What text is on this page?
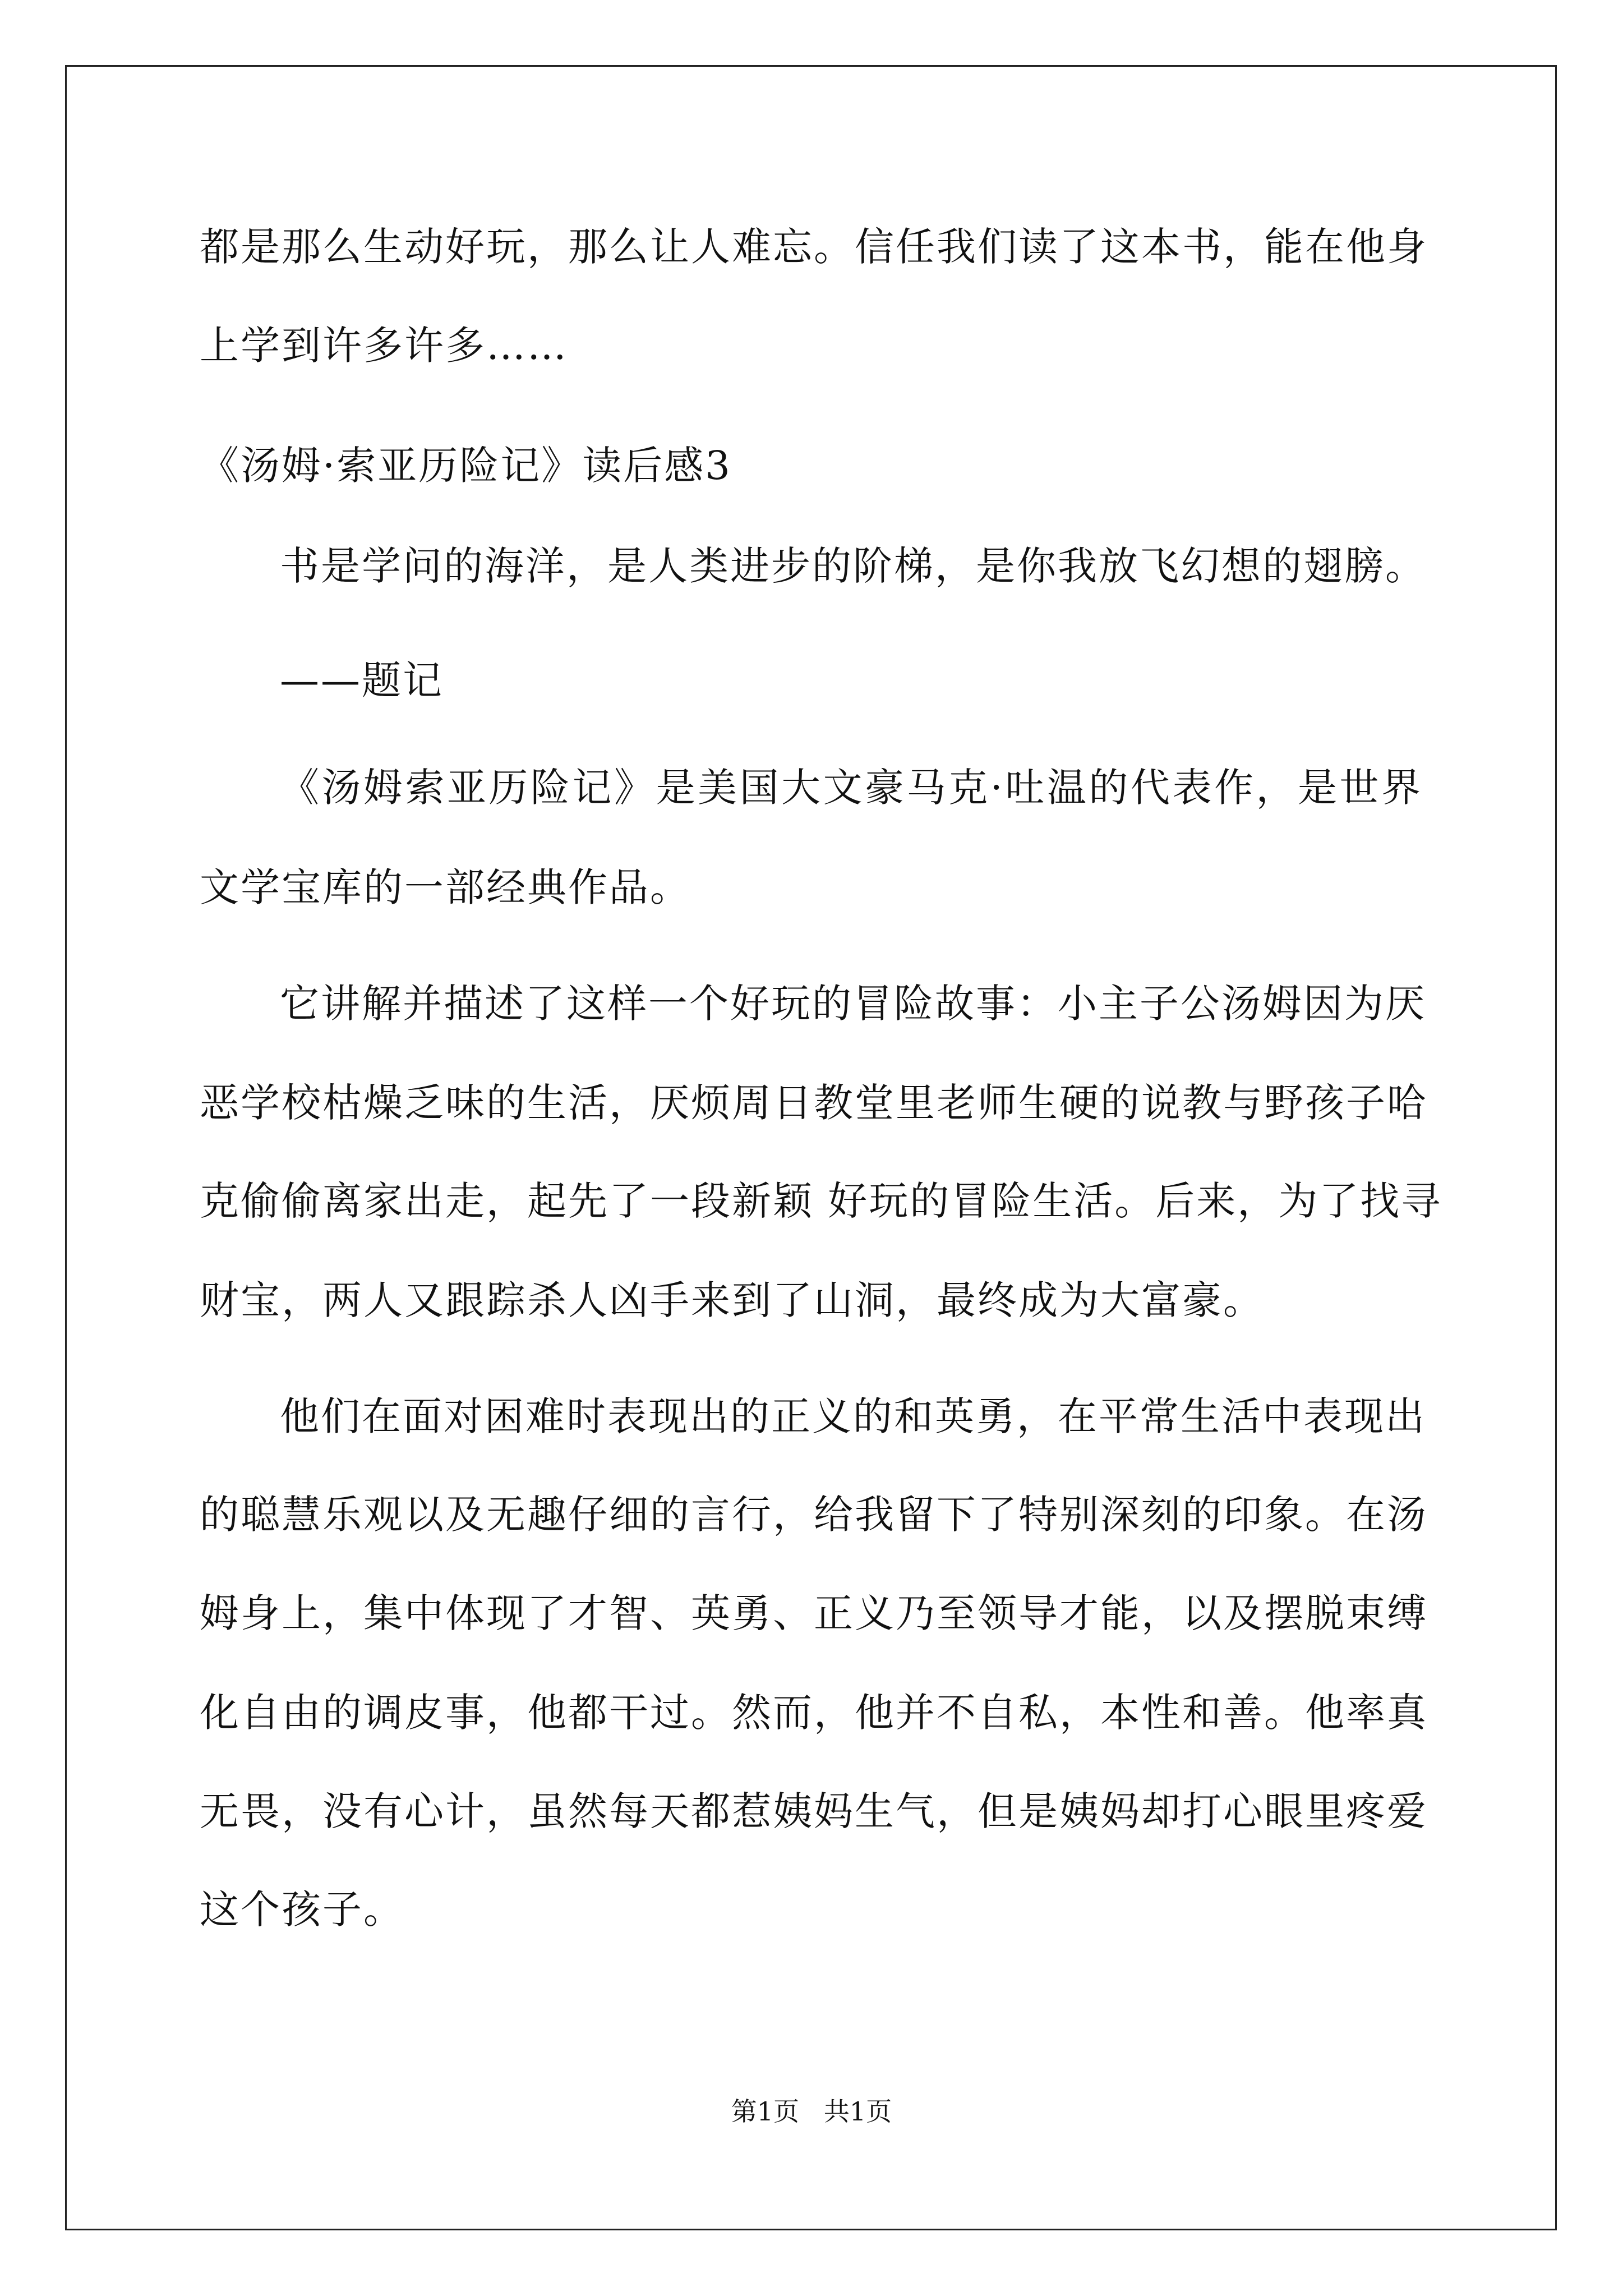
都是那么生动好玩，那么让人难忘。信任我们读了这本书，能在他身
上学到许多许多……
《汤姆·索亚历险记》读后感3
书是学问的海洋，是人类进步的阶梯，是你我放飞幻想的翅膀。
——题记
《汤姆索亚历险记》是美国大文豪马克·吐温的代表作，是世界
文学宝库的一部经典作品。
它讲解并描述了这样一个好玩的冒险故事：小主子公汤姆因为厌
恶学校枯燥乏味的生活，厌烦周日教堂里老师生硬的说教与野孩子哈
克偷偷离家出走，起先了一段新颖 好玩的冒险生活。后来，为了找寻
财宝，两人又跟踪杀人凶手来到了山洞，最终成为大富豪。
他们在面对困难时表现出的正义的和英勇，在平常生活中表现出
的聪慧乐观以及无趣仔细的言行，给我留下了特别深刻的印象。在汤
姆身上，集中体现了才智、英勇、正义乃至领导才能，以及摆脱束缚
化自由的调皮事，他都干过。然而，他并不自私，本性和善。他率真
无畏，没有心计，虽然每天都惹姨妈生气，但是姨妈却打心眼里疼爱
这个孩子。
第1页   共1页
